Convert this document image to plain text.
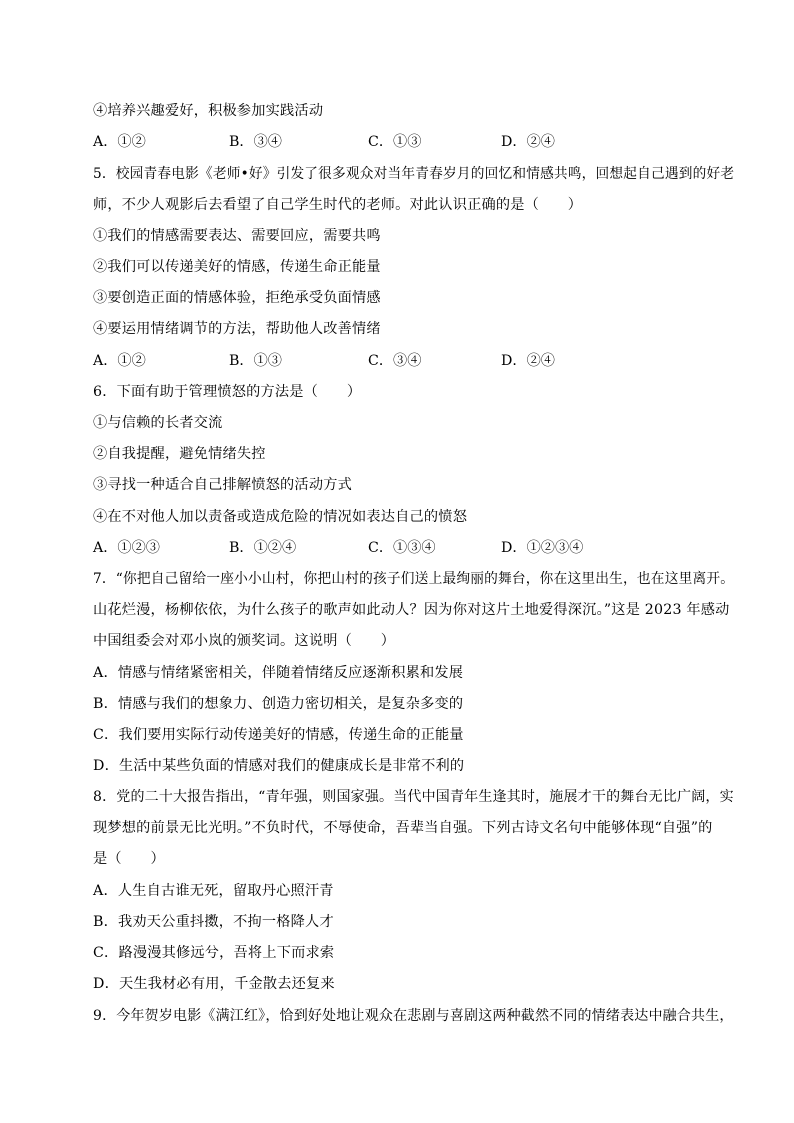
④培养兴趣爱好，积极参加实践活动
A．①②	B．③④	C．①③	D．②④
5．校园青春电影《老师•好》引发了很多观众对当年青春岁月的回忆和情感共鸣，回想起自己遇到的好老
师，不少人观影后去看望了自己学生时代的老师。对此认识正确的是（　　）
①我们的情感需要表达、需要回应，需要共鸣
②我们可以传递美好的情感，传递生命正能量
③要创造正面的情感体验，拒绝承受负面情感
④要运用情绪调节的方法，帮助他人改善情绪
A．①②	B．①③	C．③④	D．②④
6．下面有助于管理愤怒的方法是（　　）
①与信赖的长者交流
②自我提醒，避免情绪失控
③寻找一种适合自己排解愤怒的活动方式
④在不对他人加以责备或造成危险的情况如表达自己的愤怒
A．①②③	B．①②④	C．①③④	D．①②③④
7．“你把自己留给一座小小山村，你把山村的孩子们送上最绚丽的舞台，你在这里出生，也在这里离开。
山花烂漫，杨柳依依，为什么孩子的歌声如此动人？因为你对这片土地爱得深沉。”这是 2023 年感动
中国组委会对邓小岚的颁奖词。这说明（　　）
A．情感与情绪紧密相关，伴随着情绪反应逐渐积累和发展
B．情感与我们的想象力、创造力密切相关，是复杂多变的
C．我们要用实际行动传递美好的情感，传递生命的正能量
D．生活中某些负面的情感对我们的健康成长是非常不利的
8．党的二十大报告指出，“青年强，则国家强。当代中国青年生逢其时，施展才干的舞台无比广阔，实
现梦想的前景无比光明。”不负时代，不辱使命，吾辈当自强。下列古诗文名句中能够体现“自强”的
是（　　）
A．人生自古谁无死，留取丹心照汗青
B．我劝天公重抖擞，不拘一格降人才
C．路漫漫其修远兮，吾将上下而求索
D．天生我材必有用，千金散去还复来
9．今年贺岁电影《满江红》，恰到好处地让观众在悲剧与喜剧这两种截然不同的情绪表达中融合共生，
